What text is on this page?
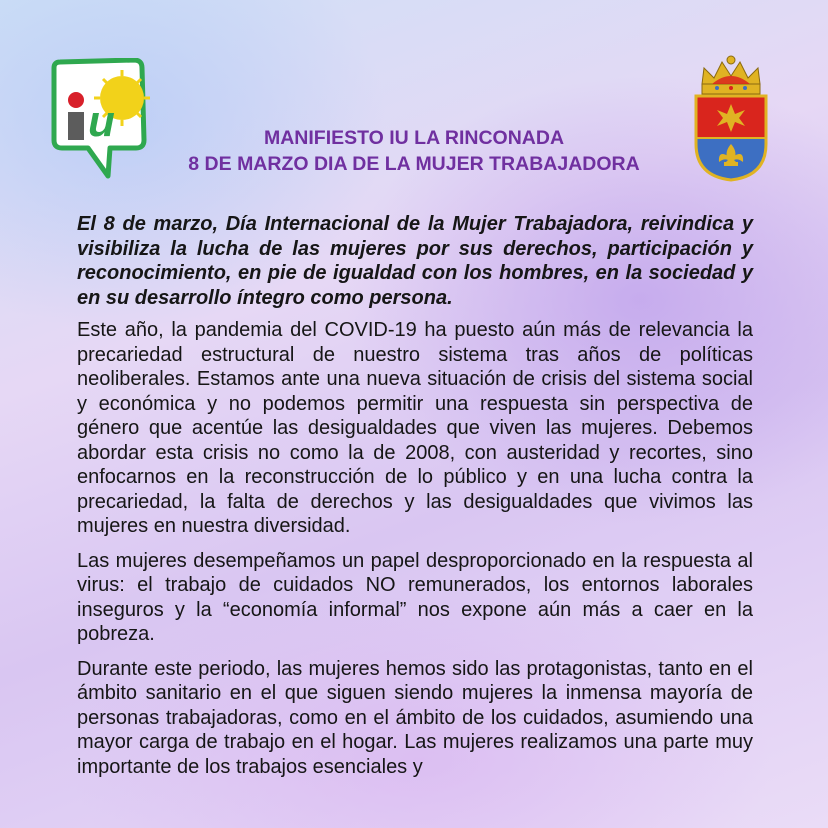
u	MANIFIESTO IU LA RINCONADA
8 DE MARZO DIA DE LA MUJER TRABAJADORA

El 8 de marzo, Día Internacional de la Mujer Trabajadora, reivindica y visibiliza la lucha de las mujeres por sus derechos, participación y reconocimiento, en pie de igualdad con los hombres, en la sociedad y en su desarrollo íntegro como persona.

Este año, la pandemia del COVID-19 ha puesto aún más de relevancia la precariedad estructural de nuestro sistema tras años de políticas neoliberales. Estamos ante una nueva situación de crisis del sistema social y económica y no podemos permitir una respuesta sin perspectiva de género que acentúe las desigualdades que viven las mujeres. Debemos abordar esta crisis no como la de 2008, con austeridad y recortes, sino enfocarnos en la reconstrucción de lo público y en una lucha contra la precariedad, la falta de derechos y las desigualdades que vivimos las mujeres en nuestra diversidad.

Las mujeres desempeñamos un papel desproporcionado en la respuesta al virus: el trabajo de cuidados NO remunerados, los entornos laborales inseguros y la “economía informal” nos expone aún más a caer en la pobreza.

Durante este periodo, las mujeres hemos sido las protagonistas, tanto en el ámbito sanitario en el que siguen siendo mujeres la inmensa mayoría de personas trabajadoras, como en el ámbito de los cuidados, asumiendo una mayor carga de trabajo en el hogar. Las mujeres realizamos una parte muy importante de los trabajos esenciales y
